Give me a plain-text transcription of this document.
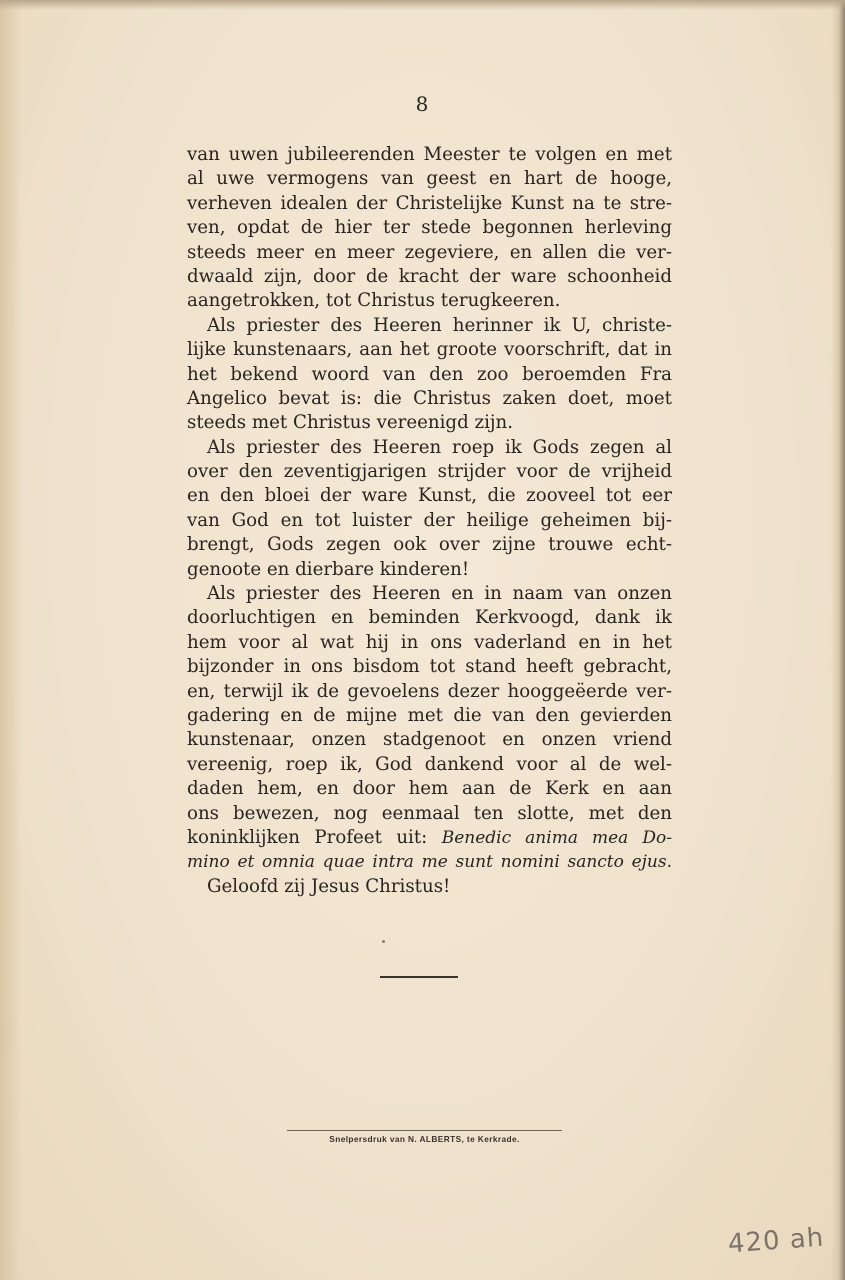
8
van uwen jubileerenden Meester te volgen en met
al uwe vermogens van geest en hart de hooge,
verheven idealen der Christelijke Kunst na te stre-
ven, opdat de hier ter stede begonnen herleving
steeds meer en meer zegeviere, en allen die ver-
dwaald zijn, door de kracht der ware schoonheid
aangetrokken, tot Christus terugkeeren.
Als priester des Heeren herinner ik U, christe-
lijke kunstenaars, aan het groote voorschrift, dat in
het bekend woord van den zoo beroemden Fra
Angelico bevat is: die Christus zaken doet, moet
steeds met Christus vereenigd zijn.
Als priester des Heeren roep ik Gods zegen al
over den zeventigjarigen strijder voor de vrijheid
en den bloei der ware Kunst, die zooveel tot eer
van God en tot luister der heilige geheimen bij-
brengt, Gods zegen ook over zijne trouwe echt-
genoote en dierbare kinderen!
Als priester des Heeren en in naam van onzen
doorluchtigen en beminden Kerkvoogd, dank ik
hem voor al wat hij in ons vaderland en in het
bijzonder in ons bisdom tot stand heeft gebracht,
en, terwijl ik de gevoelens dezer hooggeëerde ver-
gadering en de mijne met die van den gevierden
kunstenaar, onzen stadgenoot en onzen vriend
vereenig, roep ik, God dankend voor al de wel-
daden hem, en door hem aan de Kerk en aan
ons bewezen, nog eenmaal ten slotte, met den
koninklijken Profeet uit: Benedic anima mea Do-
mino et omnia quae intra me sunt nomini sancto ejus.
Geloofd zij Jesus Christus!
Snelpersdruk van N. ALBERTS, te Kerkrade.
420 ah
